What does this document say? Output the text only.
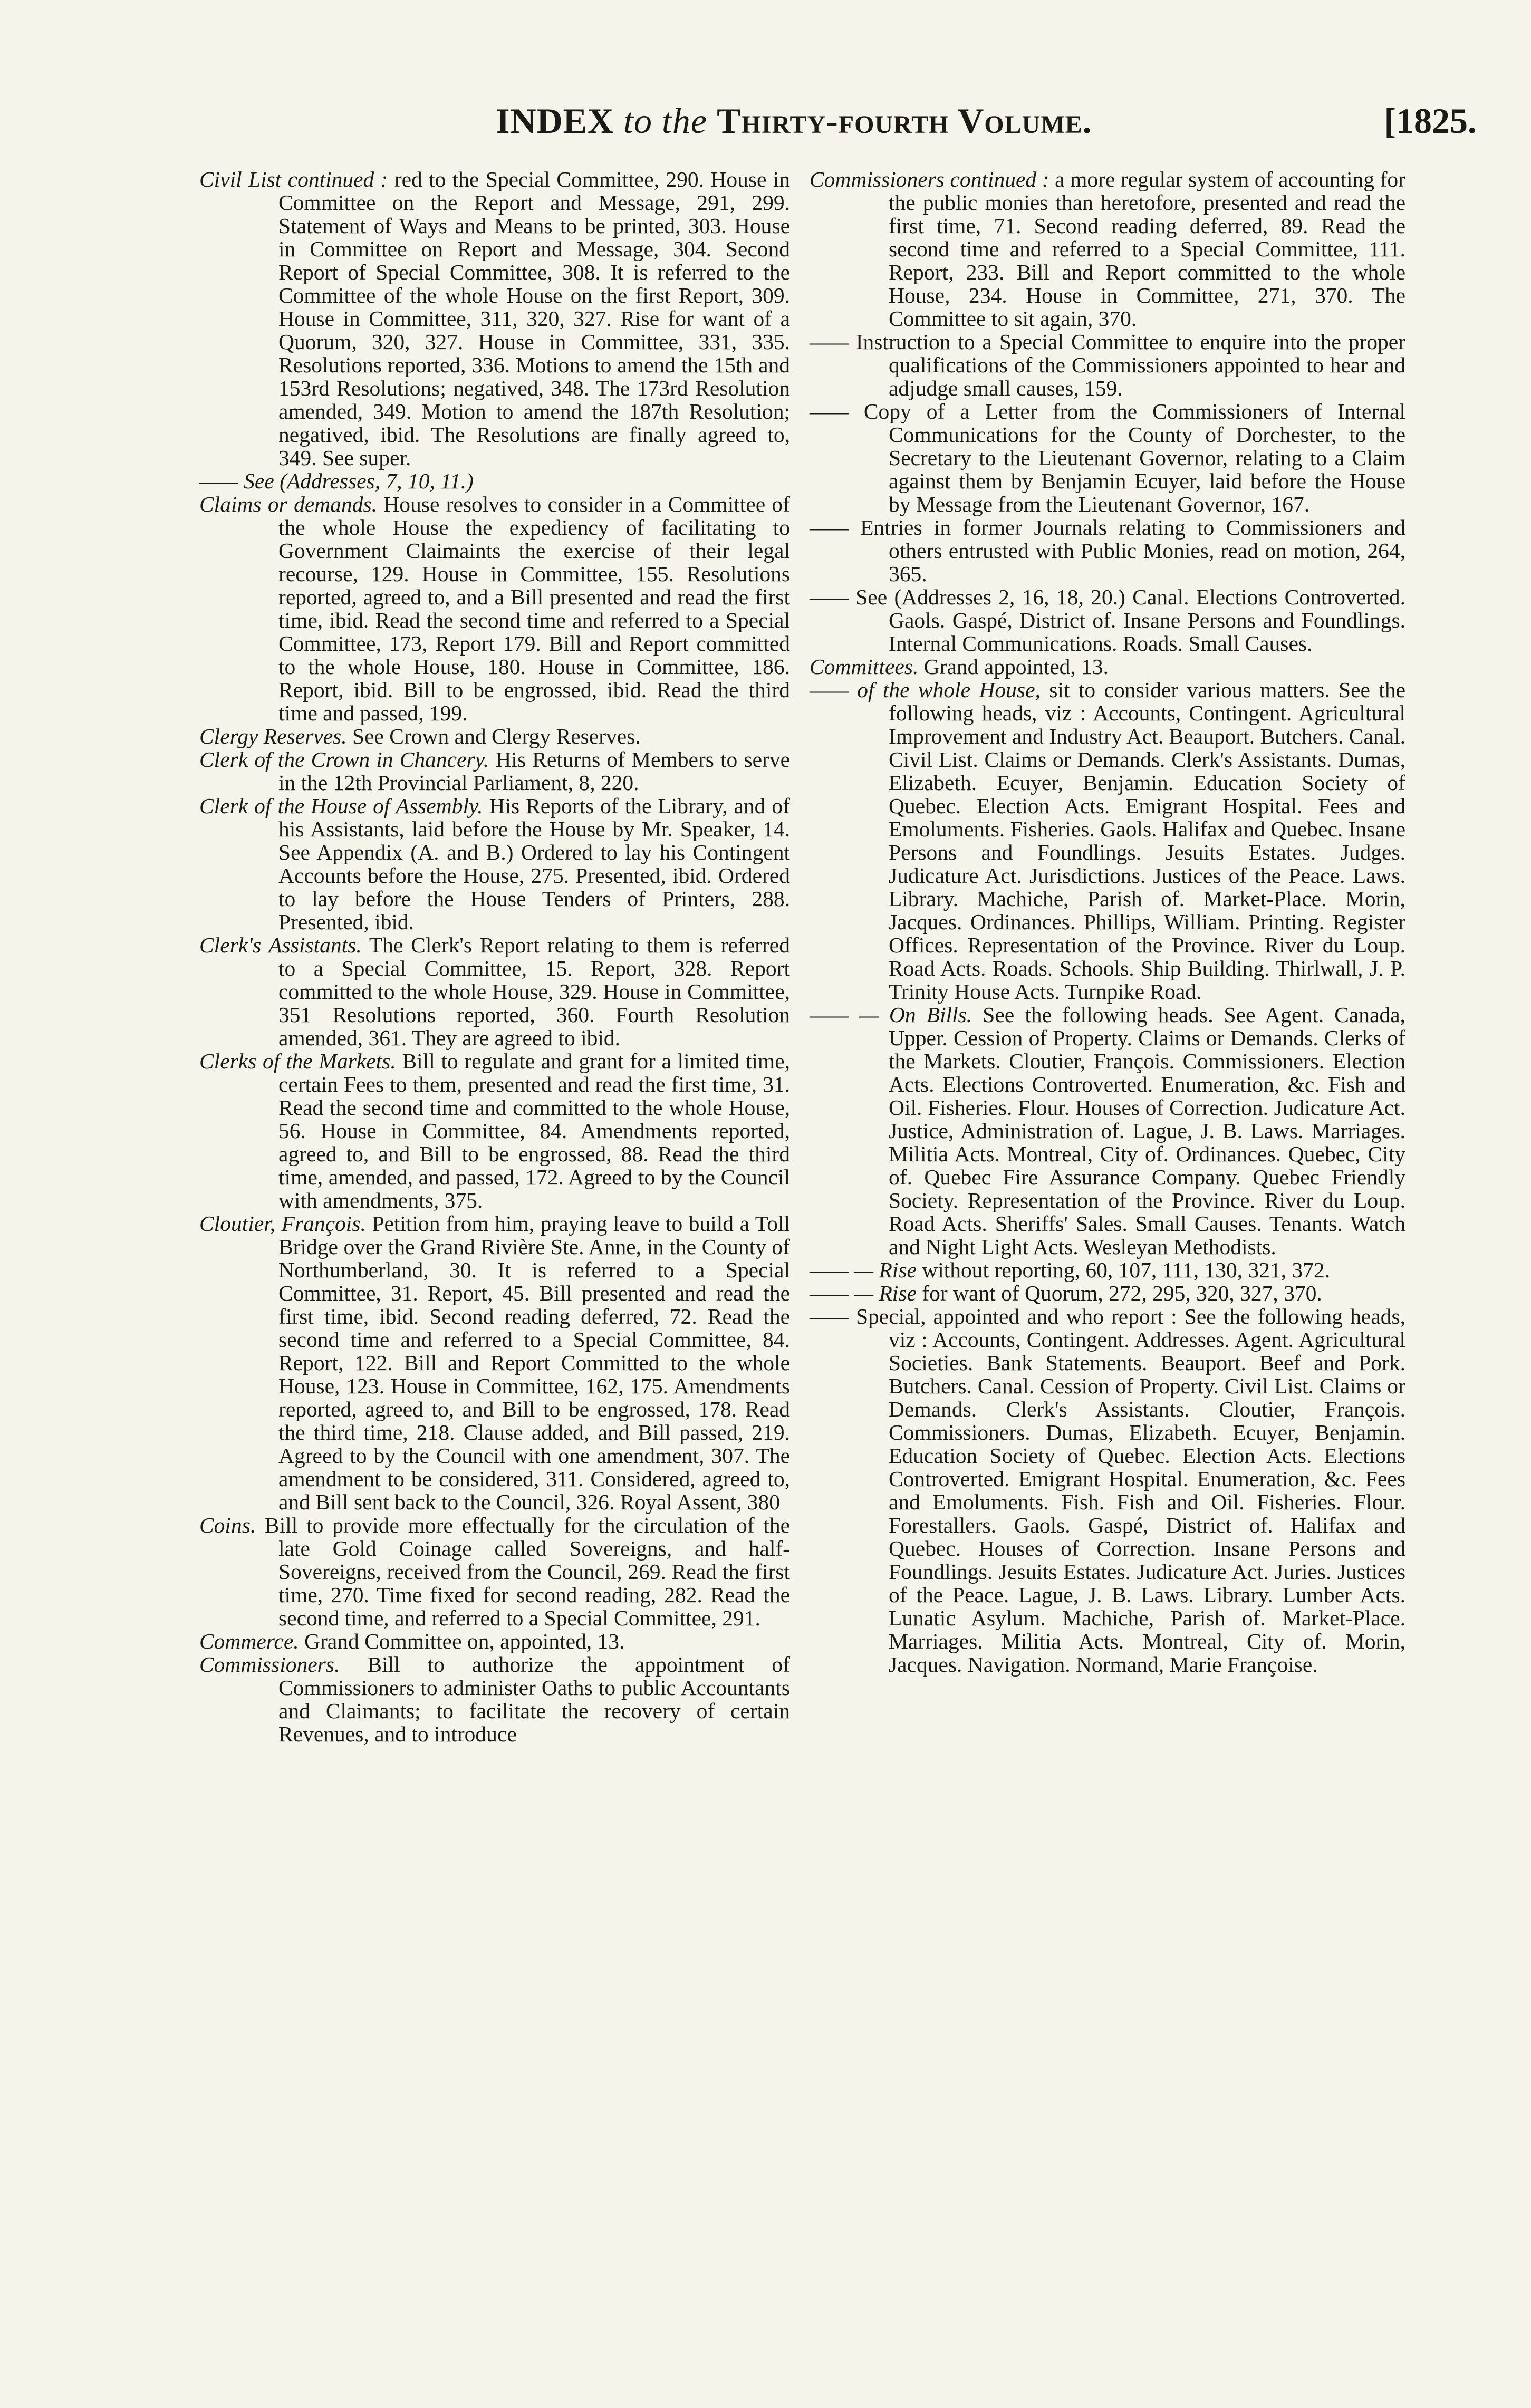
INDEX to the Thirty-fourth Volume.	[1825.

Civil List continued : red to the Special Committee, 290. House in Committee on the Report and Message, 291, 299. Statement of Ways and Means to be printed, 303. House in Committee on Report and Message, 304. Second Report of Special Committee, 308. It is referred to the Committee of the whole House on the first Report, 309. House in Committee, 311, 320, 327. Rise for want of a Quorum, 320, 327. House in Committee, 331, 335. Resolutions reported, 336. Motions to amend the 15th and 153rd Resolutions; negatived, 348. The 173rd Resolution amended, 349. Motion to amend the 187th Resolution; negatived, ibid. The Resolutions are finally agreed to, 349. See super.

—— See (Addresses, 7, 10, 11.)

Claims or demands. House resolves to consider in a Committee of the whole House the expediency of facilitating to Government Claimaints the exercise of their legal recourse, 129. House in Committee, 155. Resolutions reported, agreed to, and a Bill presented and read the first time, ibid. Read the second time and referred to a Special Committee, 173, Report 179. Bill and Report committed to the whole House, 180. House in Committee, 186. Report, ibid. Bill to be engrossed, ibid. Read the third time and passed, 199.

Clergy Reserves. See Crown and Clergy Reserves.

Clerk of the Crown in Chancery. His Returns of Members to serve in the 12th Provincial Parliament, 8, 220.

Clerk of the House of Assembly. His Reports of the Library, and of his Assistants, laid before the House by Mr. Speaker, 14. See Appendix (A. and B.) Ordered to lay his Contingent Accounts before the House, 275. Presented, ibid. Ordered to lay before the House Tenders of Printers, 288. Presented, ibid.

Clerk's Assistants. The Clerk's Report relating to them is referred to a Special Committee, 15. Report, 328. Report committed to the whole House, 329. House in Committee, 351 Resolutions reported, 360. Fourth Resolution amended, 361. They are agreed to ibid.

Clerks of the Markets. Bill to regulate and grant for a limited time, certain Fees to them, presented and read the first time, 31. Read the second time and committed to the whole House, 56. House in Committee, 84. Amendments reported, agreed to, and Bill to be engrossed, 88. Read the third time, amended, and passed, 172. Agreed to by the Council with amendments, 375.

Cloutier, François. Petition from him, praying leave to build a Toll Bridge over the Grand Rivière Ste. Anne, in the County of Northumberland, 30. It is referred to a Special Committee, 31. Report, 45. Bill presented and read the first time, ibid. Second reading deferred, 72. Read the second time and referred to a Special Committee, 84. Report, 122. Bill and Report Committed to the whole House, 123. House in Committee, 162, 175. Amendments reported, agreed to, and Bill to be engrossed, 178. Read the third time, 218. Clause added, and Bill passed, 219. Agreed to by the Council with one amendment, 307. The amendment to be considered, 311. Considered, agreed to, and Bill sent back to the Council, 326. Royal Assent, 380

Coins. Bill to provide more effectually for the circulation of the late Gold Coinage called Sovereigns, and half-Sovereigns, received from the Council, 269. Read the first time, 270. Time fixed for second reading, 282. Read the second time, and referred to a Special Committee, 291.

Commerce. Grand Committee on, appointed, 13.

Commissioners. Bill to authorize the appointment of Commissioners to administer Oaths to public Accountants and Claimants; to facilitate the recovery of certain Revenues, and to introduce

Commissioners continued : a more regular system of accounting for the public monies than heretofore, presented and read the first time, 71. Second reading deferred, 89. Read the second time and referred to a Special Committee, 111. Report, 233. Bill and Report committed to the whole House, 234. House in Committee, 271, 370. The Committee to sit again, 370.

—— Instruction to a Special Committee to enquire into the proper qualifications of the Commissioners appointed to hear and adjudge small causes, 159.

—— Copy of a Letter from the Commissioners of Internal Communications for the County of Dorchester, to the Secretary to the Lieutenant Governor, relating to a Claim against them by Benjamin Ecuyer, laid before the House by Message from the Lieutenant Governor, 167.

—— Entries in former Journals relating to Commissioners and others entrusted with Public Monies, read on motion, 264, 365.

—— See (Addresses 2, 16, 18, 20.) Canal. Elections Controverted. Gaols. Gaspé, District of. Insane Persons and Foundlings. Internal Communications. Roads. Small Causes.

Committees. Grand appointed, 13.

—— of the whole House, sit to consider various matters. See the following heads, viz : Accounts, Contingent. Agricultural Improvement and Industry Act. Beauport. Butchers. Canal. Civil List. Claims or Demands. Clerk's Assistants. Dumas, Elizabeth. Ecuyer, Benjamin. Education Society of Quebec. Election Acts. Emigrant Hospital. Fees and Emoluments. Fisheries. Gaols. Halifax and Quebec. Insane Persons and Foundlings. Jesuits Estates. Judges. Judicature Act. Jurisdictions. Justices of the Peace. Laws. Library. Machiche, Parish of. Market-Place. Morin, Jacques. Ordinances. Phillips, William. Printing. Register Offices. Representation of the Province. River du Loup. Road Acts. Roads. Schools. Ship Building. Thirlwall, J. P. Trinity House Acts. Turnpike Road.

—— — On Bills. See the following heads. See Agent. Canada, Upper. Cession of Property. Claims or Demands. Clerks of the Markets. Cloutier, François. Commissioners. Election Acts. Elections Controverted. Enumeration, &c. Fish and Oil. Fisheries. Flour. Houses of Correction. Judicature Act. Justice, Administration of. Lague, J. B. Laws. Marriages. Militia Acts. Montreal, City of. Ordinances. Quebec, City of. Quebec Fire Assurance Company. Quebec Friendly Society. Representation of the Province. River du Loup. Road Acts. Sheriffs' Sales. Small Causes. Tenants. Watch and Night Light Acts. Wesleyan Methodists.

—— — Rise without reporting, 60, 107, 111, 130, 321, 372.

—— — Rise for want of Quorum, 272, 295, 320, 327, 370.

—— Special, appointed and who report : See the following heads, viz : Accounts, Contingent. Addresses. Agent. Agricultural Societies. Bank Statements. Beauport. Beef and Pork. Butchers. Canal. Cession of Property. Civil List. Claims or Demands. Clerk's Assistants. Cloutier, François. Commissioners. Dumas, Elizabeth. Ecuyer, Benjamin. Education Society of Quebec. Election Acts. Elections Controverted. Emigrant Hospital. Enumeration, &c. Fees and Emoluments. Fish. Fish and Oil. Fisheries. Flour. Forestallers. Gaols. Gaspé, District of. Halifax and Quebec. Houses of Correction. Insane Persons and Foundlings. Jesuits Estates. Judicature Act. Juries. Justices of the Peace. Lague, J. B. Laws. Library. Lumber Acts. Lunatic Asylum. Machiche, Parish of. Market-Place. Marriages. Militia Acts. Montreal, City of. Morin, Jacques. Navigation. Normand, Marie Françoise.
